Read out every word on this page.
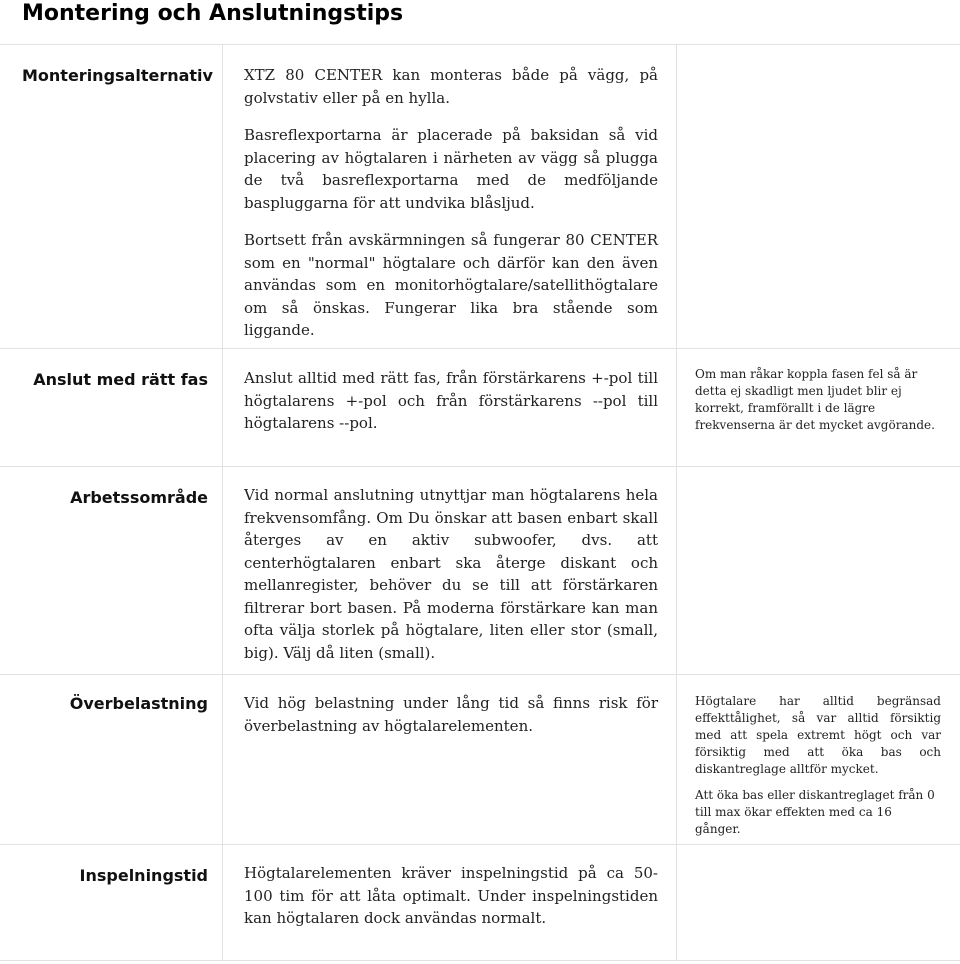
Montering och Anslutningstips
Monteringsalternativ	XTZ 80 CENTER kan monteras både på vägg, på golvstativ eller på en hylla.

Basreflexportarna är placerade på baksidan så vid placering av högtalaren i närheten av vägg så plugga de två basreflexportarna med de medföljande baspluggarna för att undvika blåsljud.

Bortsett från avskärmningen så fungerar 80 CENTER som en "normal" högtalare och därför kan den även användas som en monitorhögtalare/satellithögtalare om så önskas. Fungerar lika bra stående som liggande.

Anslut med rätt fas Anslut alltid med rätt fas, från förstärkarens +-pol till högtalarens +-pol och från förstärkarens --pol till högtalarens --pol.

Om man råkar koppla fasen fel så är detta ej skadligt men ljudet blir ej korrekt, framförallt i de lägre frekvenserna är det mycket avgörande.

Arbetssområde Vid normal anslutning utnyttjar man högtalarens hela frekvensomfång. Om Du önskar att basen enbart skall återges av en aktiv subwoofer, dvs. att centerhögtalaren enbart ska återge diskant och mellanregister, behöver du se till att förstärkaren filtrerar bort basen. På moderna förstärkare kan man ofta välja storlek på högtalare, liten eller stor (small, big). Välj då liten (small).

Överbelastning Vid hög belastning under lång tid så finns risk för överbelastning av högtalarelementen.

Högtalare har alltid begränsad effekttålighet, så var alltid försiktig med att spela extremt högt och var försiktig med att öka bas och diskantreglage alltför mycket.

Att öka bas eller diskantreglaget från 0 till max ökar effekten med ca 16 gånger.

Inspelningstid Högtalarelementen kräver inspelningstid på ca 50-100 tim för att låta optimalt. Under inspelningstiden kan högtalaren dock användas normalt.
